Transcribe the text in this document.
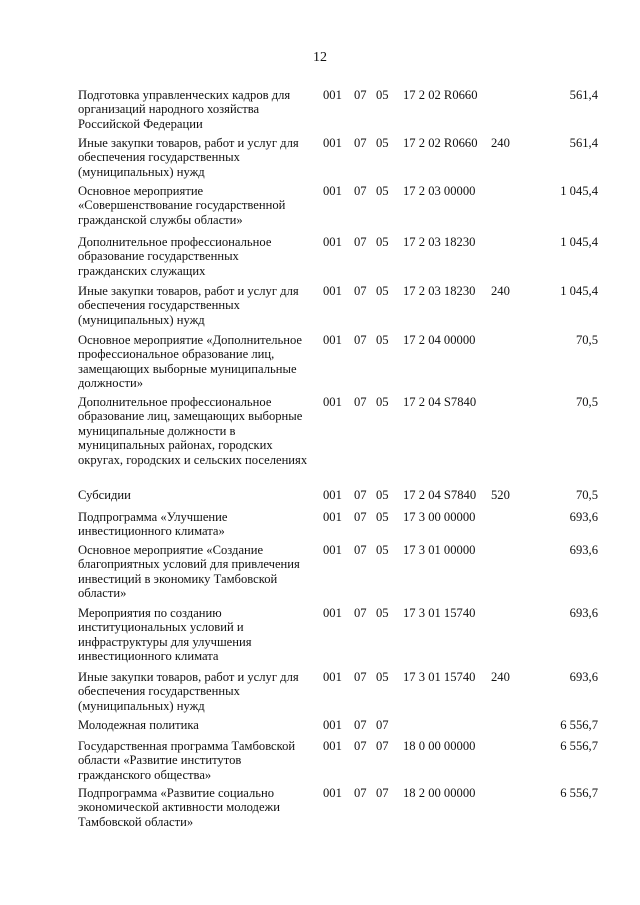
12
Подготовка управленческих кадров для организаций народного хозяйства Российской Федерации
001 07 05 17 2 02 R0660	561,4
Иные закупки товаров, работ и услуг для обеспечения государственных (муниципальных) нужд
001 07 05 17 2 02 R0660 240	561,4
Основное мероприятие «Совершенствование государственной гражданской службы области»
001 07 05 17 2 03 00000	1 045,4
Дополнительное профессиональное образование государственных гражданских служащих
001 07 05 17 2 03 18230	1 045,4
Иные закупки товаров, работ и услуг для обеспечения государственных (муниципальных) нужд
001 07 05 17 2 03 18230 240	1 045,4
Основное мероприятие «Дополнительное профессиональное образование лиц, замещающих выборные муниципальные должности»
001 07 05 17 2 04 00000	70,5
Дополнительное профессиональное образование лиц, замещающих выборные муниципальные должности в муниципальных районах, городских округах, городских и сельских поселениях
001 07 05 17 2 04 S7840	70,5
Субсидии	001 07 05 17 2 04 S7840 520	70,5
Подпрограмма «Улучшение инвестиционного климата»
001 07 05 17 3 00 00000	693,6
Основное мероприятие «Создание благоприятных условий для привлечения инвестиций в экономику Тамбовской области»
001 07 05 17 3 01 00000	693,6
Мероприятия по созданию институциональных условий и инфраструктуры для улучшения инвестиционного климата
001 07 05 17 3 01 15740	693,6
Иные закупки товаров, работ и услуг для обеспечения государственных (муниципальных) нужд
001 07 05 17 3 01 15740 240	693,6
Молодежная политика	001 07 07	6 556,7
Государственная программа Тамбовской области «Развитие институтов гражданского общества»
001 07 07 18 0 00 00000	6 556,7
Подпрограмма «Развитие социально экономической активности молодежи Тамбовской области»
001 07 07 18 2 00 00000	6 556,7
